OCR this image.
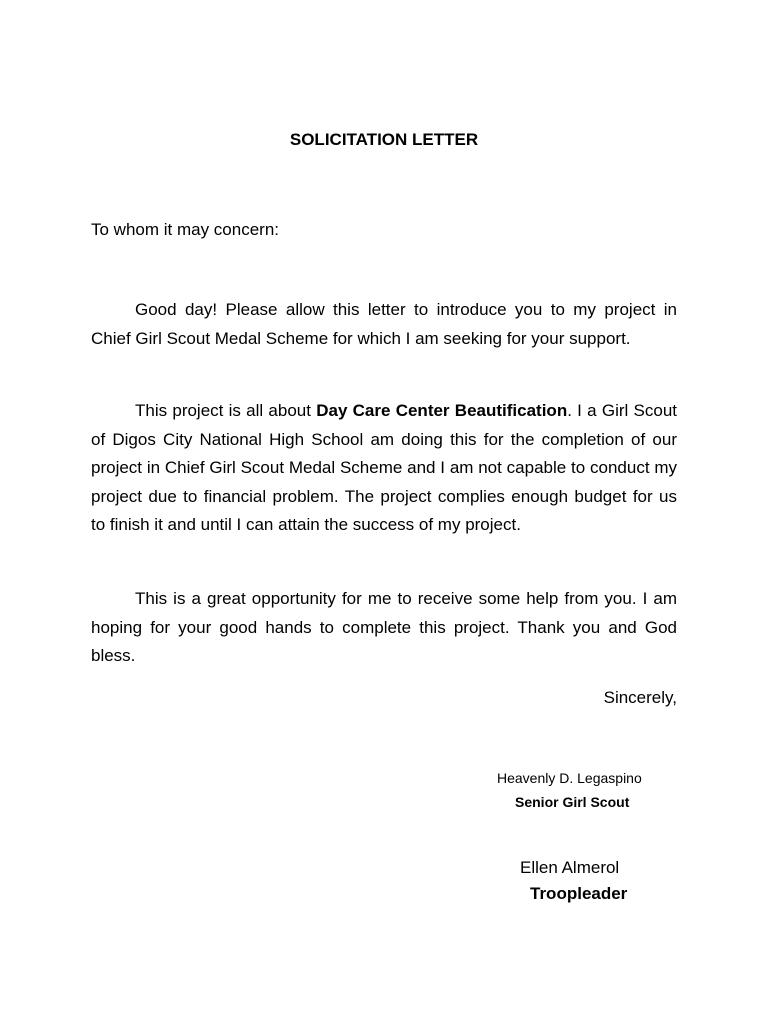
SOLICITATION LETTER
To whom it may concern:
Good day! Please allow this letter to introduce you to my project in Chief Girl Scout Medal Scheme for which I am seeking for your support.
This project is all about Day Care Center Beautification. I a Girl Scout of Digos City National High School am doing this for the completion of our project in Chief Girl Scout Medal Scheme and I am not capable to conduct my project due to financial problem. The project complies enough budget for us to finish it and until I can attain the success of my project.
This is a great opportunity for me to receive some help from you. I am hoping for your good hands to complete this project. Thank you and God bless.
Sincerely,
Heavenly D. Legaspino
Senior Girl Scout
Ellen Almerol
Troopleader
